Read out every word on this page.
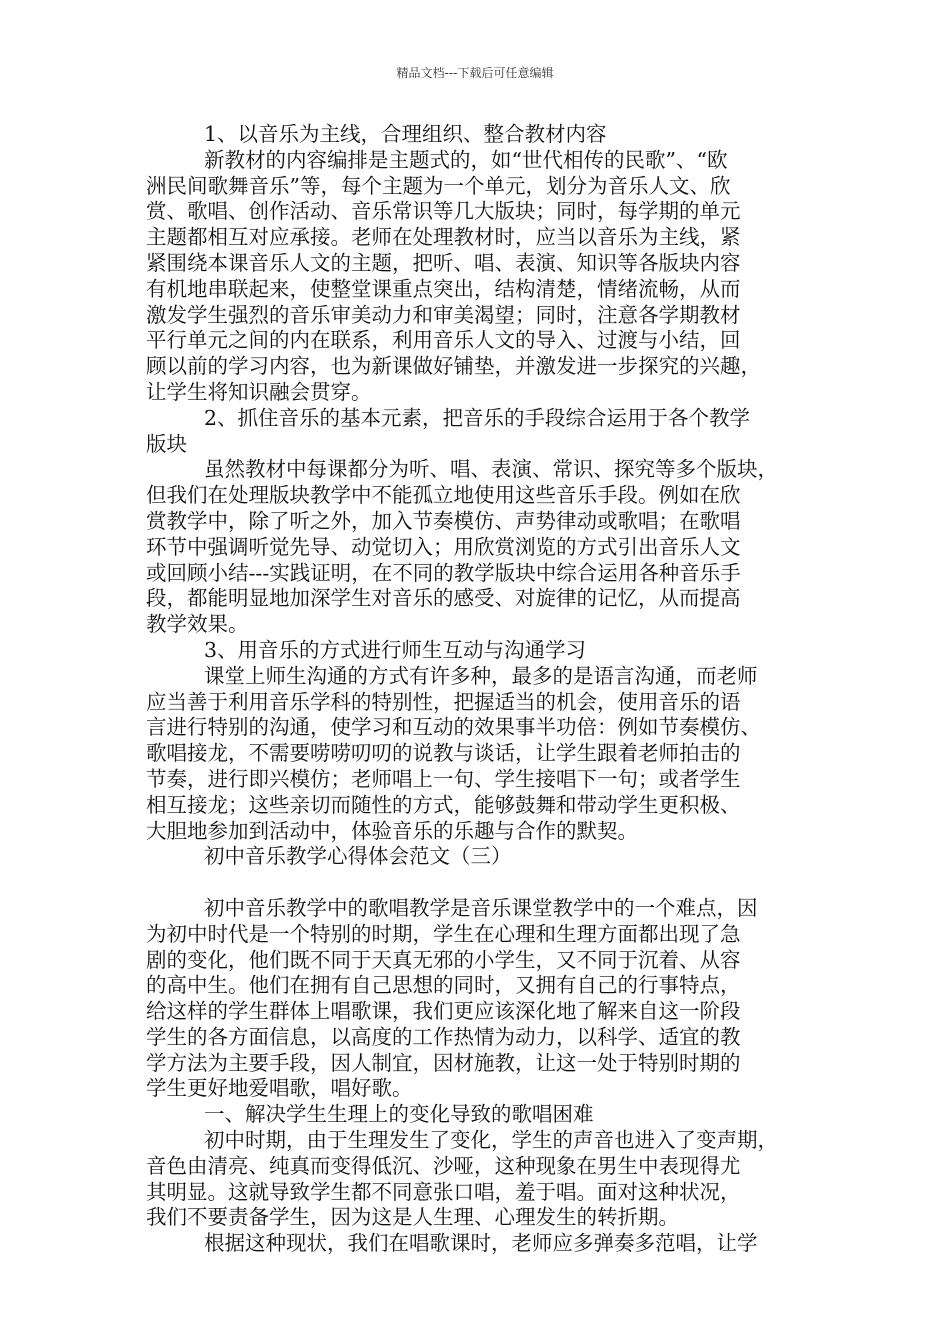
精品文档---下载后可任意编辑
1、以音乐为主线，合理组织、整合教材内容
新教材的内容编排是主题式的，如“世代相传的民歌”、“欧
洲民间歌舞音乐”等，每个主题为一个单元，划分为音乐人文、欣
赏、歌唱、创作活动、音乐常识等几大版块；同时，每学期的单元
主题都相互对应承接。老师在处理教材时，应当以音乐为主线，紧
紧围绕本课音乐人文的主题，把听、唱、表演、知识等各版块内容
有机地串联起来，使整堂课重点突出，结构清楚，情绪流畅，从而
激发学生强烈的音乐审美动力和审美渴望；同时，注意各学期教材
平行单元之间的内在联系，利用音乐人文的导入、过渡与小结，回
顾以前的学习内容，也为新课做好铺垫，并激发进一步探究的兴趣，
让学生将知识融会贯穿。
2、抓住音乐的基本元素，把音乐的手段综合运用于各个教学
版块
虽然教材中每课都分为听、唱、表演、常识、探究等多个版块，
但我们在处理版块教学中不能孤立地使用这些音乐手段。例如在欣
赏教学中，除了听之外，加入节奏模仿、声势律动或歌唱；在歌唱
环节中强调听觉先导、动觉切入；用欣赏浏览的方式引出音乐人文
或回顾小结---实践证明，在不同的教学版块中综合运用各种音乐手
段，都能明显地加深学生对音乐的感受、对旋律的记忆，从而提高
教学效果。
3、用音乐的方式进行师生互动与沟通学习
课堂上师生沟通的方式有许多种，最多的是语言沟通，而老师
应当善于利用音乐学科的特别性，把握适当的机会，使用音乐的语
言进行特别的沟通，使学习和互动的效果事半功倍：例如节奏模仿、
歌唱接龙，不需要唠唠叨叨的说教与谈话，让学生跟着老师拍击的
节奏，进行即兴模仿；老师唱上一句、学生接唱下一句；或者学生
相互接龙；这些亲切而随性的方式，能够鼓舞和带动学生更积极、
大胆地参加到活动中，体验音乐的乐趣与合作的默契。
初中音乐教学心得体会范文（三）
初中音乐教学中的歌唱教学是音乐课堂教学中的一个难点，因
为初中时代是一个特别的时期，学生在心理和生理方面都出现了急
剧的变化，他们既不同于天真无邪的小学生，又不同于沉着、从容
的高中生。他们在拥有自己思想的同时，又拥有自己的行事特点，
给这样的学生群体上唱歌课，我们更应该深化地了解来自这一阶段
学生的各方面信息，以高度的工作热情为动力，以科学、适宜的教
学方法为主要手段，因人制宜，因材施教，让这一处于特别时期的
学生更好地爱唱歌，唱好歌。
一、解决学生生理上的变化导致的歌唱困难
初中时期，由于生理发生了变化，学生的声音也进入了变声期，
音色由清亮、纯真而变得低沉、沙哑，这种现象在男生中表现得尤
其明显。这就导致学生都不同意张口唱，羞于唱。面对这种状况，
我们不要责备学生，因为这是人生理、心理发生的转折期。
根据这种现状，我们在唱歌课时，老师应多弹奏多范唱，让学
